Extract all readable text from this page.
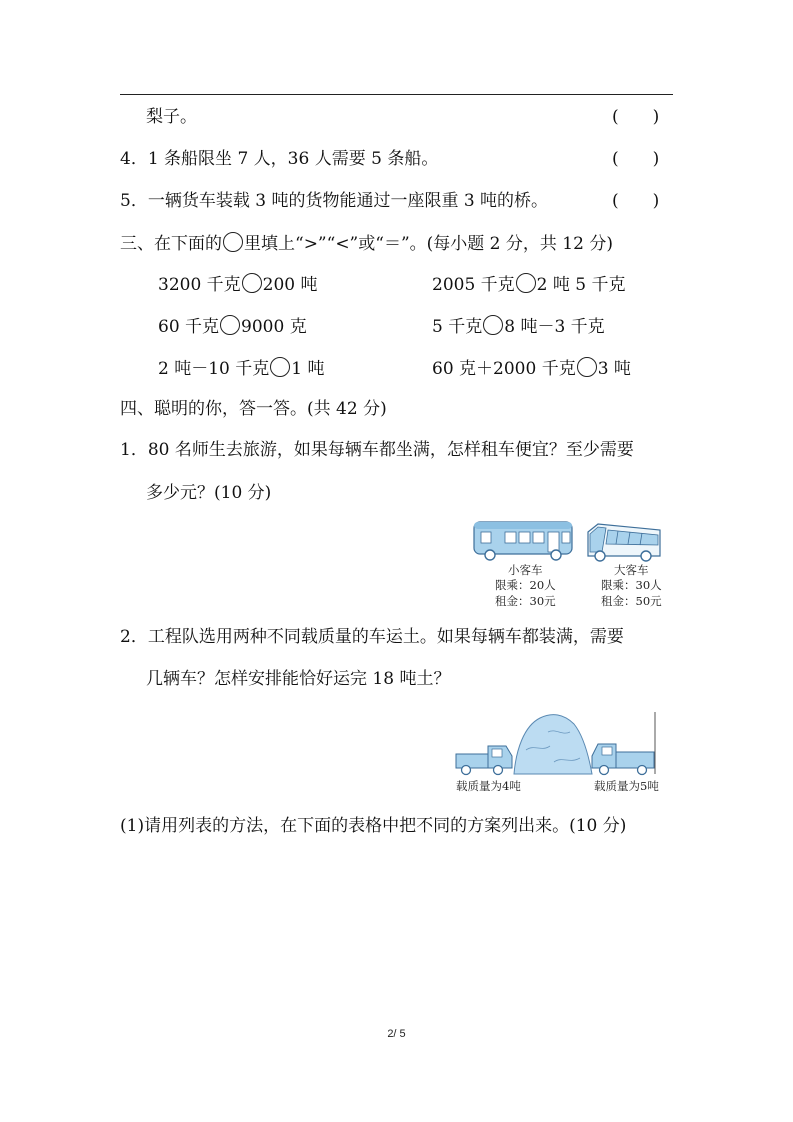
梨子。	(　　)
4．1 条船限坐 7 人，36 人需要 5 条船。	(　　)
5．一辆货车装载 3 吨的货物能通过一座限重 3 吨的桥。	(　　)
三、在下面的 里填上“>”“<”或“＝”。(每小题 2 分，共 12 分)
3200 千克 200 吨	2005 千克 2 吨 5 千克
60 千克 9000 克	5 千克 8 吨－3 千克
2 吨－10 千克 1 吨	60 克＋2000 千克 3 吨
四、聪明的你，答一答。(共 42 分)
1．80 名师生去旅游，如果每辆车都坐满，怎样租车便宜？至少需要
多少元？(10 分)
小客车
限乘：20人
租金：30元
大客车
限乘：30人
租金：50元
2．工程队选用两种不同载质量的车运土。如果每辆车都装满，需要
几辆车？怎样安排能恰好运完 18 吨土？
载质量为4吨	载质量为5吨
(1)请用列表的方法，在下面的表格中把不同的方案列出来。(10 分)
2/ 5
